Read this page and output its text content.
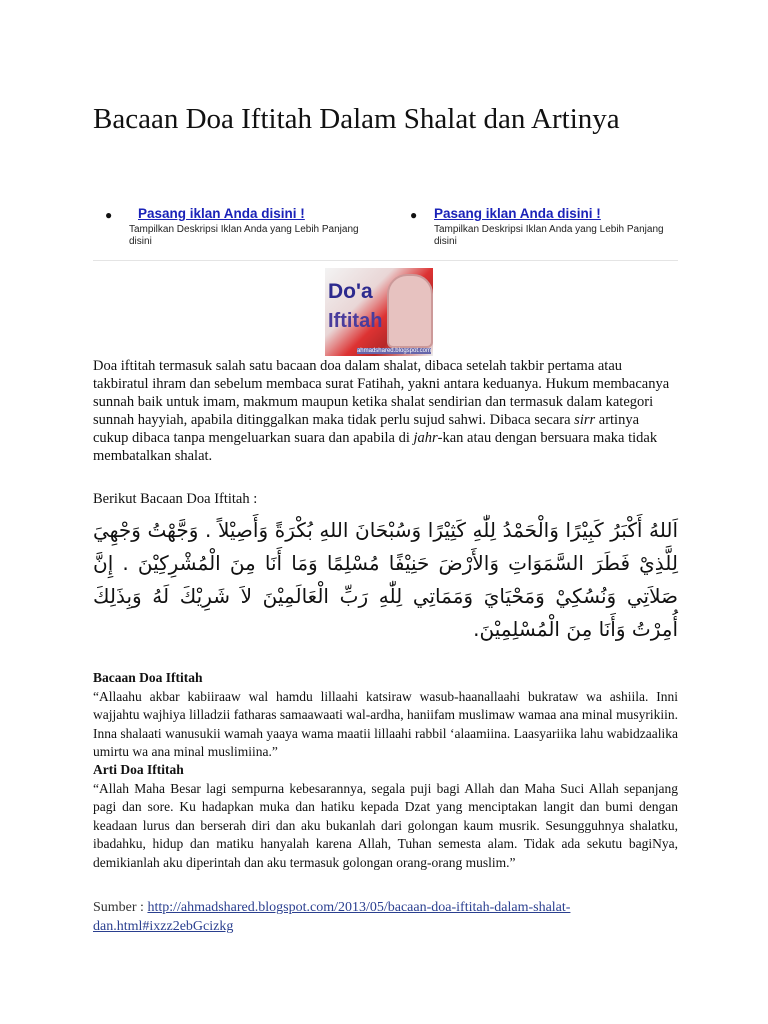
Bacaan Doa Iftitah Dalam Shalat dan Artinya
● Pasang iklan Anda disini !
Tampilkan Deskripsi Iklan Anda yang Lebih Panjang disini
● Pasang iklan Anda disini !
Tampilkan Deskripsi Iklan Anda yang Lebih Panjang disini
Do'a
Iftitah
ahmadshared.blogspot.com
Doa iftitah termasuk salah satu bacaan doa dalam shalat, dibaca setelah takbir pertama atau takbiratul ihram dan sebelum membaca surat Fatihah, yakni antara keduanya. Hukum membacanya sunnah baik untuk imam, makmum maupun ketika shalat sendirian dan termasuk dalam kategori sunnah hayyiah, apabila ditinggalkan maka tidak perlu sujud sahwi. Dibaca secara sirr artinya cukup dibaca tanpa mengeluarkan suara dan apabila di jahr-kan atau dengan bersuara maka tidak membatalkan shalat.
Berikut Bacaan Doa Iftitah :
اَللهُ أَكْبَرُ كَبِيْرًا وَالْحَمْدُ لِلّٰهِ كَثِيْرًا وَسُبْحَانَ اللهِ بُكْرَةً وَأَصِيْلاً . وَجَّهْتُ وَجْهِيَ لِلَّذِيْ فَطَرَ السَّمَوَاتِ وَالأَرْضَ حَنِيْفًا مُسْلِمًا وَمَا أَنَا مِنَ الْمُشْرِكِيْنَ . إِنَّ صَلاَتِي وَنُسُكِيْ وَمَحْيَايَ وَمَمَاتِي لِلّٰهِ رَبِّ الْعَالَمِيْنَ لاَ شَرِيْكَ لَهُ وَبِذَلِكَ أُمِرْتُ وَأَنَا مِنَ الْمُسْلِمِيْنَ.
Bacaan Doa Iftitah
“Allaahu akbar kabiiraaw wal hamdu lillaahi katsiraw wasub-haanallaahi bukrataw wa ashiila. Inni wajjahtu wajhiya lilladzii fatharas samaawaati wal-ardha, haniifam muslimaw wamaa ana minal musyrikiin. Inna shalaati wanusukii wamah yaaya wama maatii lillaahi rabbil ‘alaamiina. Laasyariika lahu wabidzaalika umirtu wa ana minal muslimiina.”
Arti Doa Iftitah
“Allah Maha Besar lagi sempurna kebesarannya, segala puji bagi Allah dan Maha Suci Allah sepanjang pagi dan sore. Ku hadapkan muka dan hatiku kepada Dzat yang menciptakan langit dan bumi dengan keadaan lurus dan berserah diri dan aku bukanlah dari golongan kaum musrik. Sesungguhnya shalatku, ibadahku, hidup dan matiku hanyalah karena Allah, Tuhan semesta alam. Tidak ada sekutu bagiNya, demikianlah aku diperintah dan aku termasuk golongan orang-orang muslim.”
Sumber : http://ahmadshared.blogspot.com/2013/05/bacaan-doa-iftitah-dalam-shalat-dan.html#ixzz2ebGcizkg
